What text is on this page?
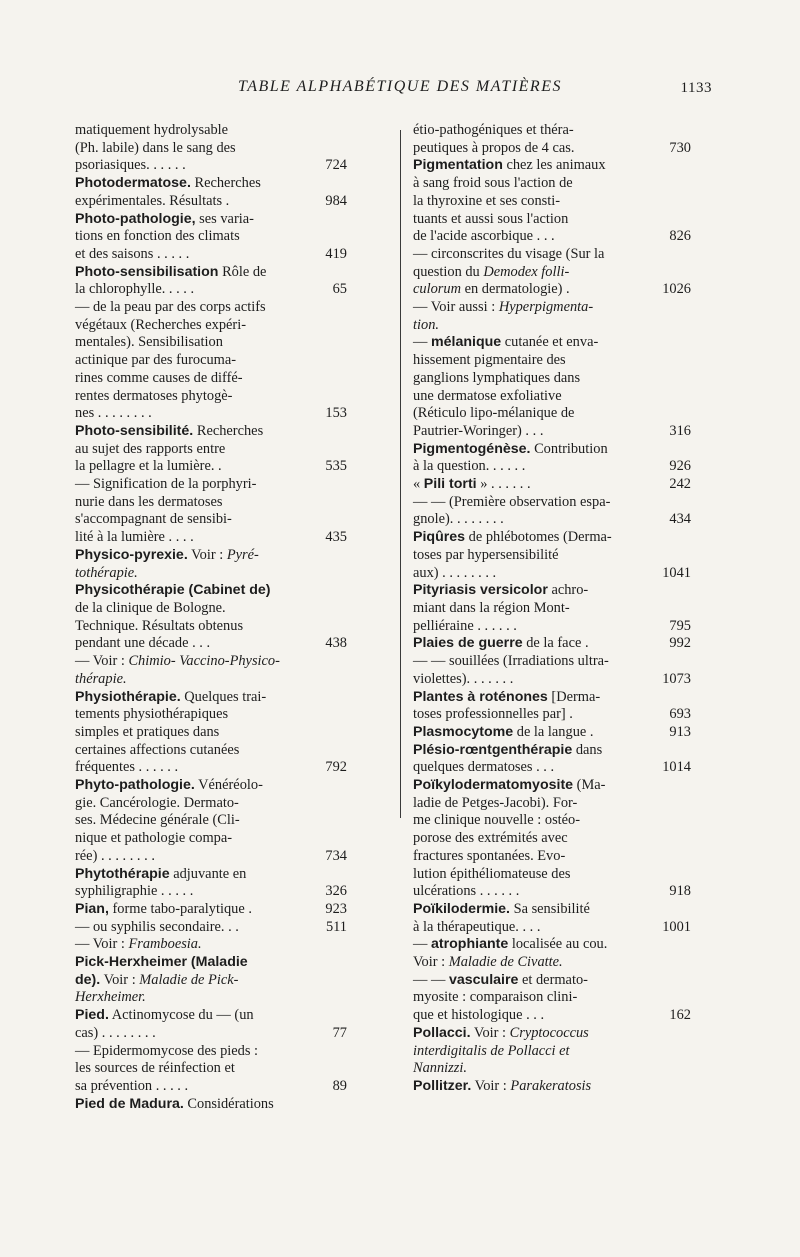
TABLE ALPHABÉTIQUE DES MATIÈRES	1133
matiquement hydrolysable
(Ph. labile) dans le sang des
psoriasiques. . . . . .	724
Photodermatose. Recherches
expérimentales. Résultats .	984
Photo-pathologie, ses varia-
tions en fonction des climats
et des saisons . . . . .	419
Photo-sensibilisation Rôle de
la chlorophylle. . . . .	65
— de la peau par des corps actifs
végétaux (Recherches expéri-
mentales). Sensibilisation
actinique par des furocuma-
rines comme causes de diffé-
rentes dermatoses phytogè-
nes . . . . . . . .	153
Photo-sensibilité. Recherches
au sujet des rapports entre
la pellagre et la lumière. .	535
— Signification de la porphyri-
nurie dans les dermatoses
s'accompagnant de sensibi-
lité à la lumière . . . .	435
Physico-pyrexie. Voir : Pyré-
tothérapie.
Physicothérapie (Cabinet de)
de la clinique de Bologne.
Technique. Résultats obtenus
pendant une décade . . .	438
— Voir : Chimio- Vaccino-Physico-
thérapie.
Physiothérapie. Quelques trai-
tements physiothérapiques
simples et pratiques dans
certaines affections cutanées
fréquentes . . . . . .	792
Phyto-pathologie. Vénéréolo-
gie. Cancérologie. Dermato-
ses. Médecine générale (Cli-
nique et pathologie compa-
rée) . . . . . . . .	734
Phytothérapie adjuvante en
syphiligraphie . . . . .	326
Pian, forme tabo-paralytique .	923
— ou syphilis secondaire. . .	511
— Voir : Framboesia.
Pick-Herxheimer (Maladie
de). Voir : Maladie de Pick-
Herxheimer.
Pied. Actinomycose du — (un
cas) . . . . . . . .	77
— Epidermomycose des pieds :
les sources de réinfection et
sa prévention . . . . .	89
Pied de Madura. Considérations
étio-pathogéniques et théra-
peutiques à propos de 4 cas.	730
Pigmentation chez les animaux
à sang froid sous l'action de
la thyroxine et ses consti-
tuants et aussi sous l'action
de l'acide ascorbique . . .	826
— circonscrites du visage (Sur la
question du Demodex folli-
culorum en dermatologie) .	1026
— Voir aussi : Hyperpigmenta-
tion.
— mélanique cutanée et enva-
hissement pigmentaire des
ganglions lymphatiques dans
une dermatose exfoliative
(Réticulo lipo-mélanique de
Pautrier-Woringer) . . .	316
Pigmentogénèse. Contribution
à la question. . . . . .	926
« Pili torti » . . . . . .	242
— — (Première observation espa-
gnole). . . . . . . .	434
Piqûres de phlébotomes (Derma-
toses par hypersensibilité
aux) . . . . . . . .	1041
Pityriasis versicolor achro-
miant dans la région Mont-
pelliéraine . . . . . .	795
Plaies de guerre de la face .	992
— — souillées (Irradiations ultra-
violettes). . . . . . .	1073
Plantes à roténones [Derma-
toses professionnelles par] .	693
Plasmocytome de la langue .	913
Plésio-rœntgenthérapie dans
quelques dermatoses . . .	1014
Poïkylodermatomyosite (Ma-
ladie de Petges-Jacobi). For-
me clinique nouvelle : ostéo-
porose des extrémités avec
fractures spontanées. Evo-
lution épithéliomateuse des
ulcérations . . . . . .	918
Poïkilodermie. Sa sensibilité
à la thérapeutique. . . .	1001
— atrophiante localisée au cou.
Voir : Maladie de Civatte.
— — vasculaire et dermato-
myosite : comparaison clini-
que et histologique . . .	162
Pollacci. Voir : Cryptococcus
interdigitalis de Pollacci et
Nannizzi.
Pollitzer. Voir : Parakeratosis
